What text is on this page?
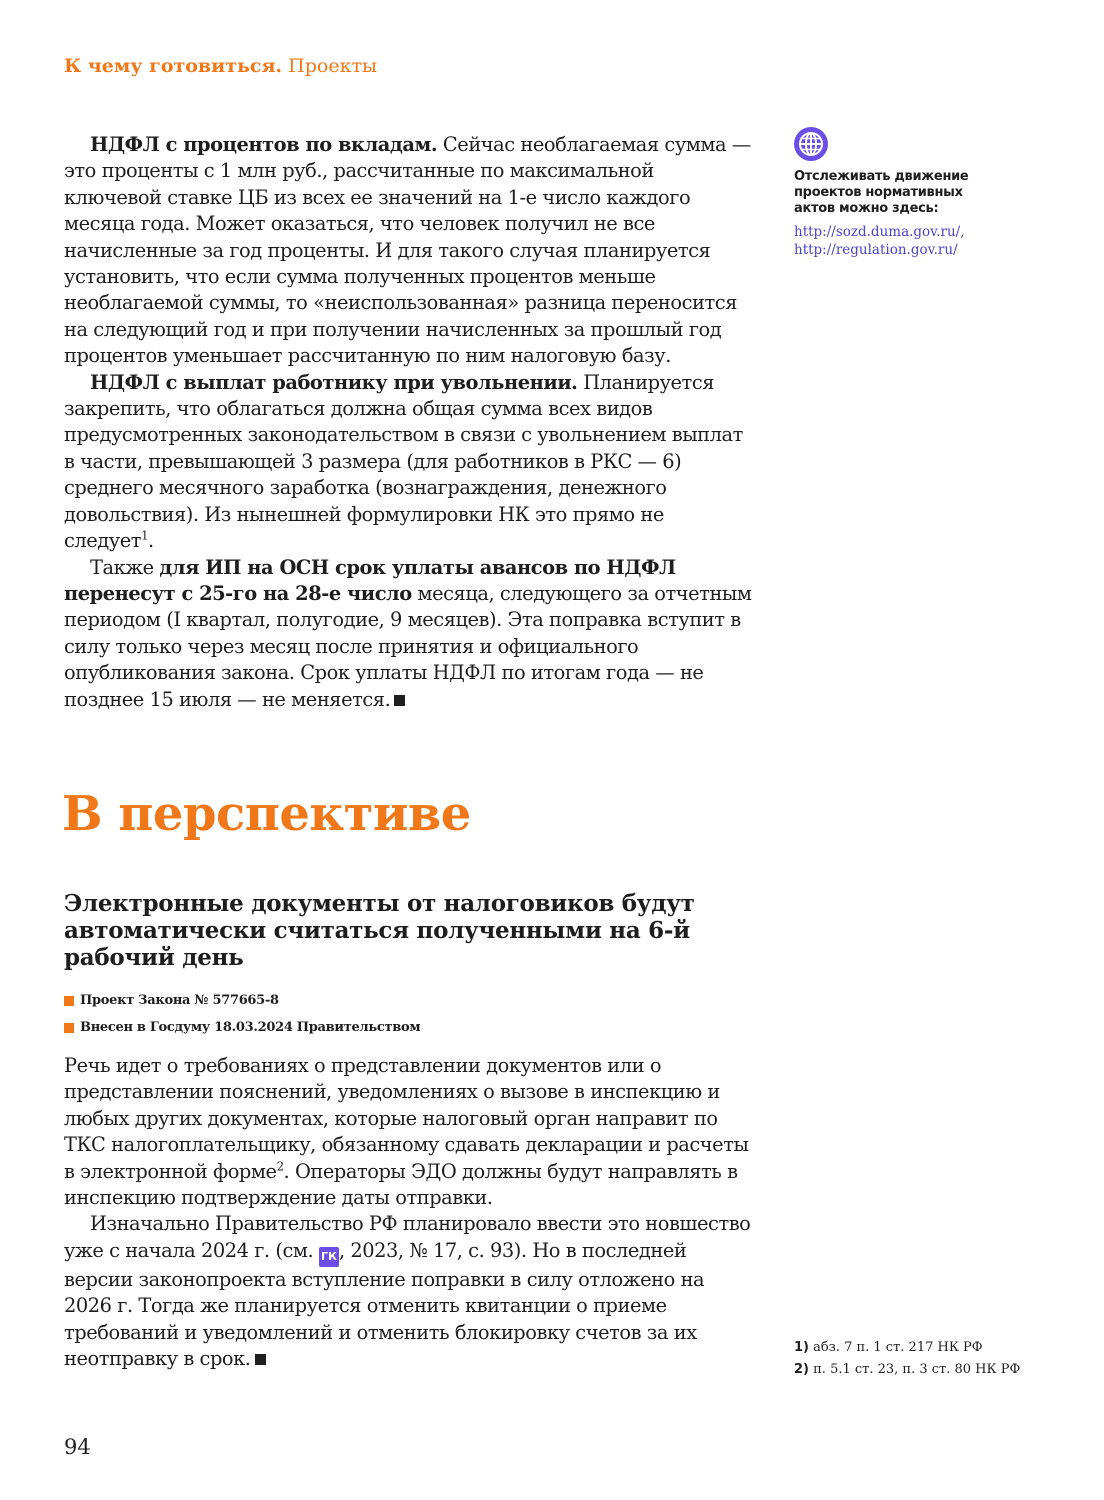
К чему готовиться. Проекты

НДФЛ с процентов по вкладам. Сейчас необлагаемая сумма — это проценты с 1 млн руб., рассчитанные по максимальной ключевой ставке ЦБ из всех ее значений на 1-е число каждого месяца года. Может оказаться, что человек получил не все начисленные за год проценты. И для такого случая планируется установить, что если сумма полученных процентов меньше необлагаемой суммы, то «неиспользованная» разница переносится на следующий год и при получении начисленных за прошлый год процентов уменьшает рассчитанную по ним налоговую базу.

НДФЛ с выплат работнику при увольнении. Планируется закрепить, что облагаться должна общая сумма всех видов предусмотренных законодательством в связи с увольнением выплат в части, превышающей 3 размера (для работников в РКС — 6) среднего месячного заработка (вознаграждения, денежного довольствия). Из нынешней формулировки НК это прямо не следует$^1$.

Также для ИП на ОСН срок уплаты авансов по НДФЛ перенесут с 25-го на 28-е число месяца, следующего за отчетным периодом (I квартал, полугодие, 9 месяцев). Эта поправка вступит в силу только через месяц после принятия и официального опубликования закона. Срок уплаты НДФЛ по итогам года — не позднее 15 июля — не меняется.

Отслеживать движение проектов нормативных актов можно здесь:
http://sozd.duma.gov.ru/,
http://regulation.gov.ru/
В перспективе
Электронные документы от налоговиков будут автоматически считаться полученными на 6-й рабочий день
Проект Закона № 577665-8
Внесен в Госдуму 18.03.2024 Правительством

Речь идет о требованиях о представлении документов или о представлении пояснений, уведомлениях о вызове в инспекцию и любых других документах, которые налоговый орган направит по ТКС налогоплательщику, обязанному сдавать декларации и расчеты в электронной форме$^2$. Операторы ЭДО должны будут направлять в инспекцию подтверждение даты отправки.

Изначально Правительство РФ планировало ввести это новшество уже с начала 2024 г. (см. ГК , 2023, № 17, с. 93). Но в последней версии законопроекта вступление поправки в силу отложено на 2026 г. Тогда же планируется отменить квитанции о приеме требований и уведомлений и отменить блокировку счетов за их неотправку в срок.	1) абз. 7 п. 1 ст. 217 НК РФ
2) п. 5.1 ст. 23, п. 3 ст. 80 НК РФ
94
